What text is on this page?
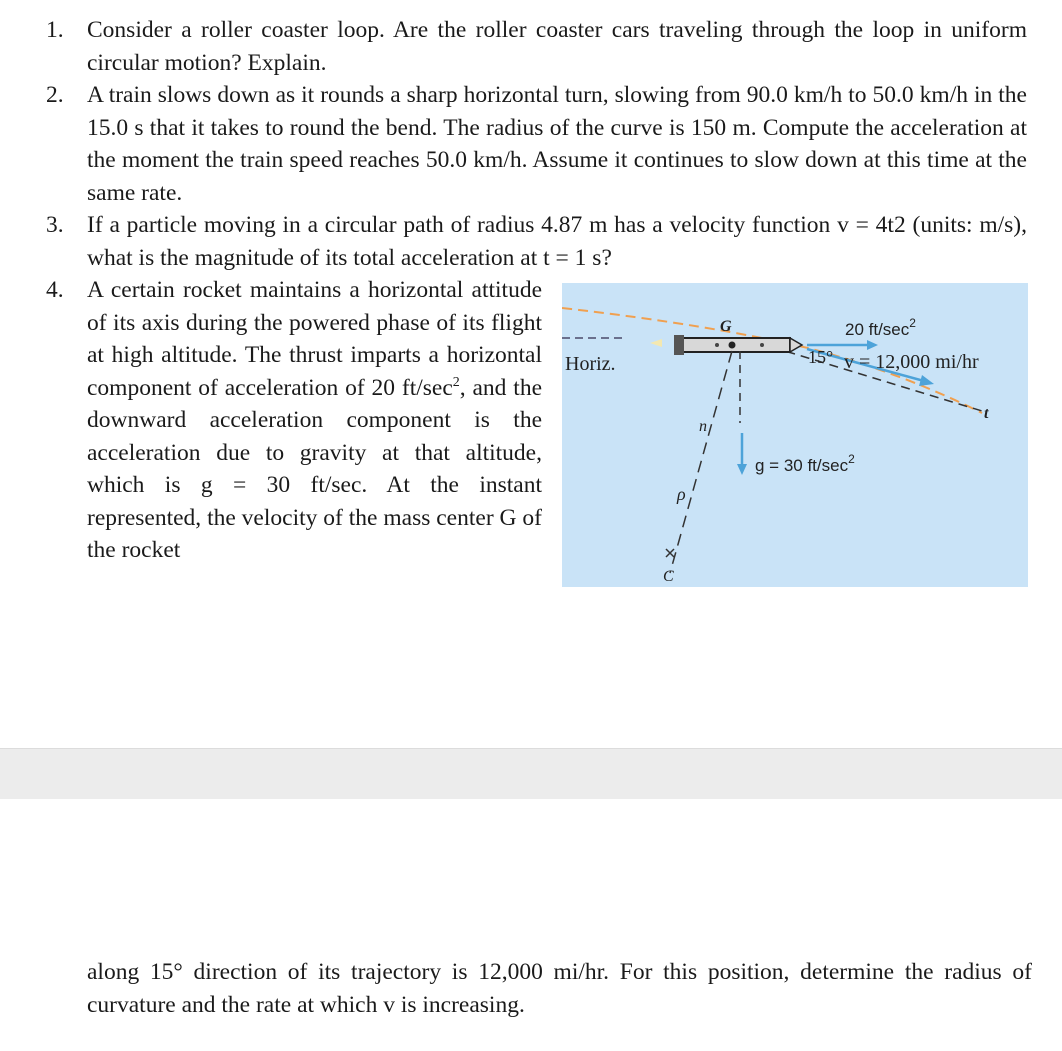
1. Consider a roller coaster loop. Are the roller coaster cars traveling through the loop in uniform circular motion? Explain.
2. A train slows down as it rounds a sharp horizontal turn, slowing from 90.0 km/h to 50.0 km/h in the 15.0 s that it takes to round the bend. The radius of the curve is 150 m. Compute the acceleration at the moment the train speed reaches 50.0 km/h. Assume it continues to slow down at this time at the same rate.
3. If a particle moving in a circular path of radius 4.87 m has a velocity function v = 4t2 (units: m/s), what is the magnitude of its total acceleration at t = 1 s?
4. A certain rocket maintains a horizontal attitude of its axis during the powered phase of its flight at high altitude. The thrust imparts a horizontal component of acceleration of 20 $ft/\sec^2$, and the downward acceleration component is the acceleration due to gravity at that altitude, which is g = 30 ft/sec. At the instant represented, the velocity of the mass center G of the rocket
Horiz.
G	20 $ft/\sec^2$
15° v = 12,000 mi/hr
t
n
ρ
C
g = 30 $ft/\sec^2$
along 15° direction of its trajectory is 12,000 mi/hr. For this position, determine the radius of curvature and the rate at which v is increasing.
